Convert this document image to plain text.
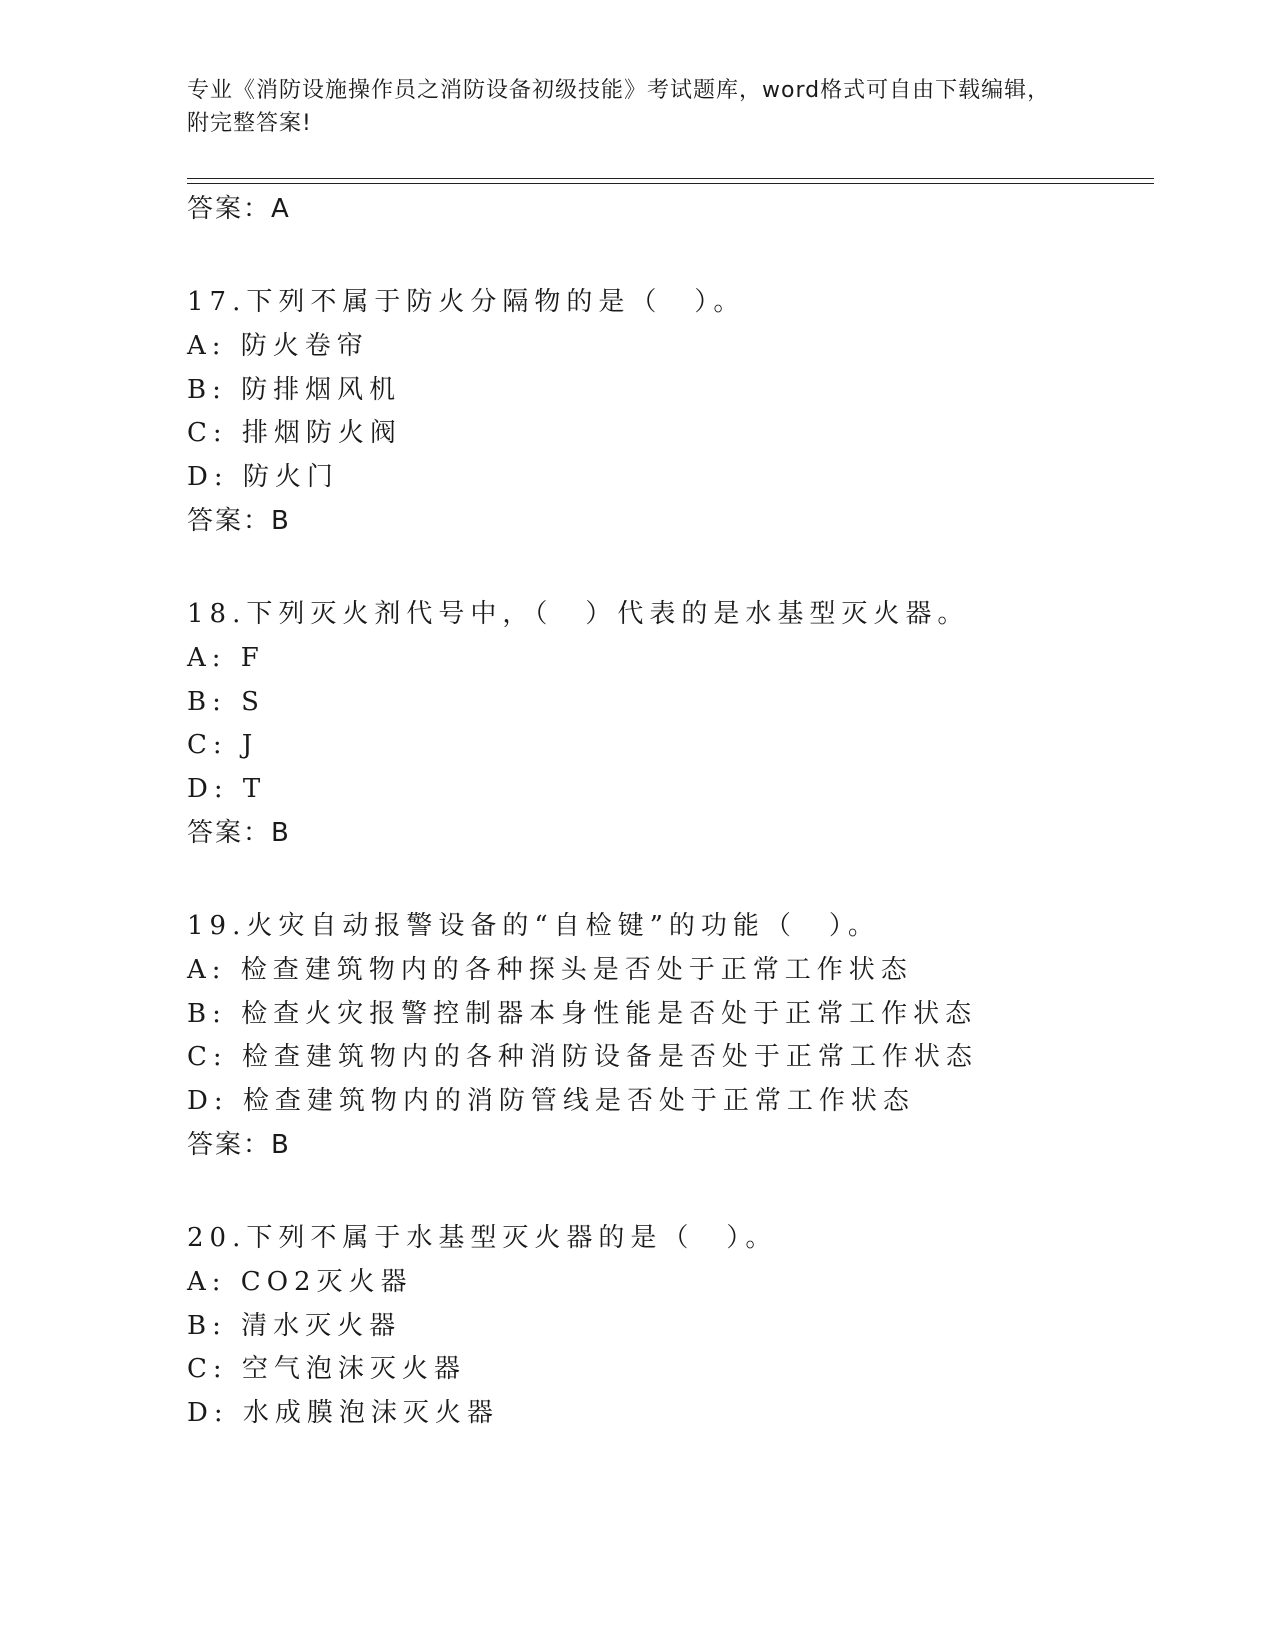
专业《消防设施操作员之消防设备初级技能》考试题库，word格式可自由下载编辑，附完整答案!
答案：A
17.下列不属于防火分隔物的是（　）。
A: 防火卷帘
B: 防排烟风机
C: 排烟防火阀
D: 防火门
答案：B
18.下列灭火剂代号中，（　）代表的是水基型灭火器。
A: F
B: S
C: J
D: T
答案：B
19.火灾自动报警设备的“自检键”的功能（　）。
A: 检查建筑物内的各种探头是否处于正常工作状态
B: 检查火灾报警控制器本身性能是否处于正常工作状态
C: 检查建筑物内的各种消防设备是否处于正常工作状态
D: 检查建筑物内的消防管线是否处于正常工作状态
答案：B
20.下列不属于水基型灭火器的是（　）。
A: CO2灭火器
B: 清水灭火器
C: 空气泡沫灭火器
D: 水成膜泡沫灭火器
